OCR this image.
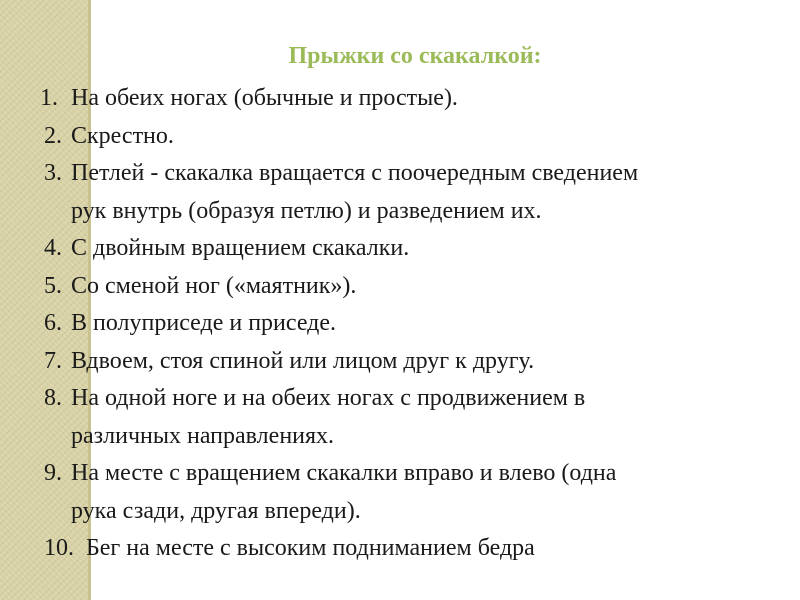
Прыжки со скакалкой:
1. На обеих ногах (обычные и простые).
2. Скрестно.
3. Петлей - скакалка вращается с поочередным сведением
рук внутрь (образуя петлю) и разведением их.
4. С двойным вращением скакалки.
5. Со сменой ног («маятник»).
6. В полуприседе и приседе.
7. Вдвоем, стоя спиной или лицом друг к другу.
8. На одной ноге и на обеих ногах с продвижением в
различных направлениях.
9. На месте с вращением скакалки вправо и влево (одна
рука сзади, другая впереди).
10. Бег на месте с высоким подниманием бедра
